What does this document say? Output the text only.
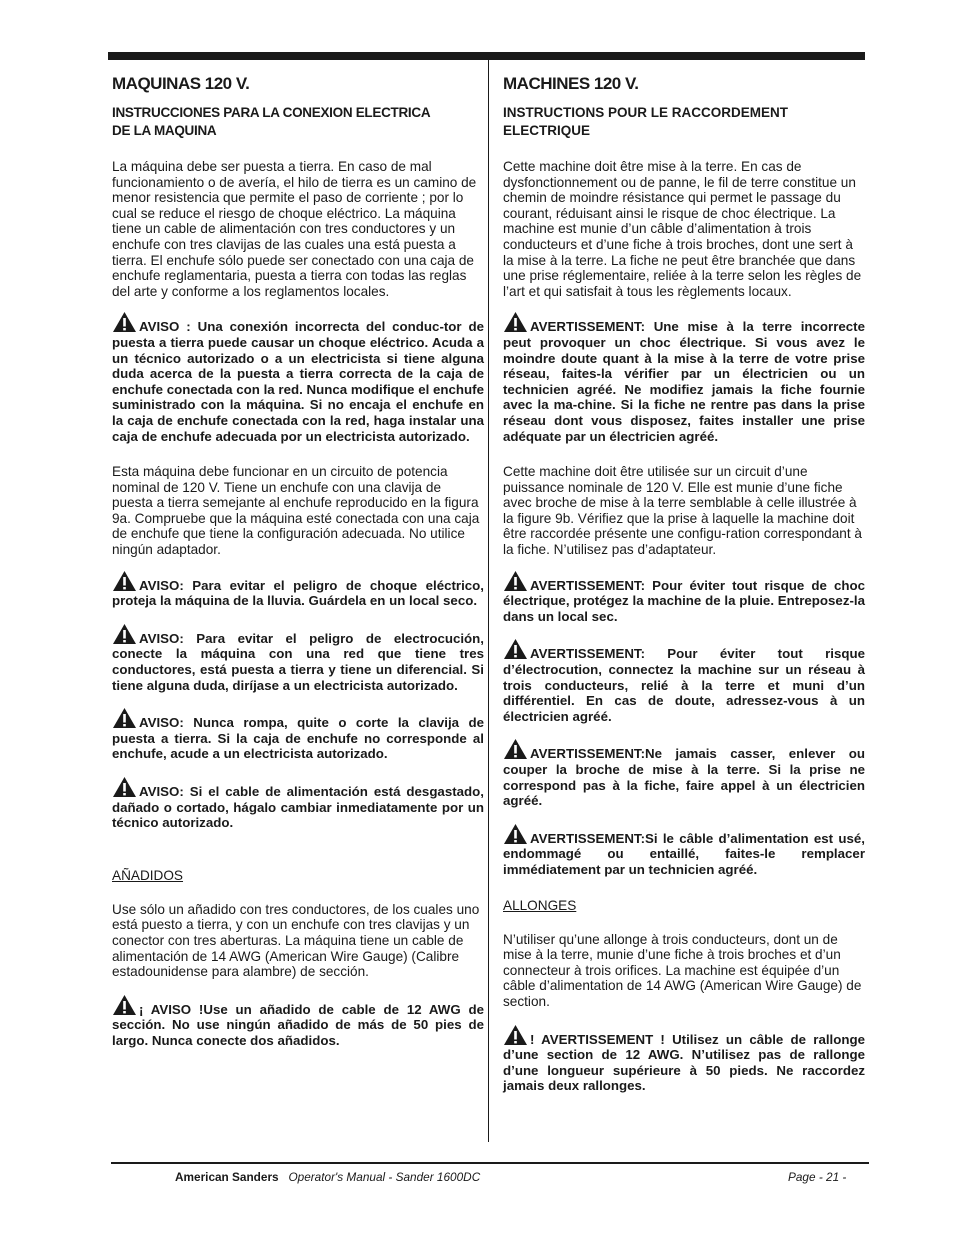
MAQUINAS 120 V.
INSTRUCCIONES PARA LA CONEXION ELECTRICA
DE LA MAQUINA

La máquina debe ser puesta a tierra. En caso de mal funcionamiento o de avería, el hilo de tierra es un camino de menor resistencia que permite el paso de corriente ; por lo cual se reduce el riesgo de choque eléctrico. La máquina tiene un cable de alimentación con tres conductores y un enchufe con tres clavijas de las cuales una está puesta a tierra. El enchufe sólo puede ser conectado con una caja de enchufe reglamentaria, puesta a tierra con todas las reglas del arte y conforme a los reglamentos locales.

AVISO : Una conexión incorrecta del conduc-tor de puesta a tierra puede causar un choque eléctrico. Acuda a un técnico autorizado o a un electricista si tiene alguna duda acerca de la puesta a tierra correcta de la caja de enchufe conectada con la red. Nunca modifique el enchufe suministrado con la máquina. Si no encaja el enchufe en la caja de enchufe conectada con la red, haga instalar una caja de enchufe adecuada por un electricista autorizado.

Esta máquina debe funcionar en un circuito de potencia nominal de 120 V. Tiene un enchufe con una clavija de puesta a tierra semejante al enchufe reproducido en la figura 9a. Compruebe que la máquina esté conectada con una caja de enchufe que tiene la configuración adecuada. No utilice ningún adaptador.

AVISO: Para evitar el peligro de choque eléctrico, proteja la máquina de la lluvia. Guárdela en un local seco.

AVISO: Para evitar el peligro de electrocución, conecte la máquina con una red que tiene tres conductores, está puesta a tierra y tiene un diferencial. Si tiene alguna duda, diríjase a un electricista autorizado.

AVISO: Nunca rompa, quite o corte la clavija de puesta a tierra. Si la caja de enchufe no corresponde al enchufe, acude a un electricista autorizado.

AVISO: Si el cable de alimentación está desgastado, dañado o cortado, hágalo cambiar inmediatamente por un técnico autorizado.

AÑADIDOS

Use sólo un añadido con tres conductores, de los cuales uno está puesto a tierra, y con un enchufe con tres clavijas y un conector con tres aberturas. La máquina tiene un cable de alimentación de 14 AWG (American Wire Gauge) (Calibre estadounidense para alambre) de sección.

¡ AVISO !Use un añadido de cable de 12 AWG de sección. No use ningún añadido de más de 50 pies de largo. Nunca conecte dos añadidos.

MACHINES 120 V.
INSTRUCTIONS POUR LE RACCORDEMENT
ELECTRIQUE

Cette machine doit être mise à la terre. En cas de dysfonctionnement ou de panne, le fil de terre constitue un chemin de moindre résistance qui permet le passage du courant, réduisant ainsi le risque de choc électrique. La machine est munie d’un câble d’alimentation à trois conducteurs et d’une fiche à trois broches, dont une sert à la mise à la terre. La fiche ne peut être branchée que dans une prise réglementaire, reliée à la terre selon les règles de l’art et qui satisfait à tous les règlements locaux.

AVERTISSEMENT: Une mise à la terre incorrecte peut provoquer un choc électrique. Si vous avez le moindre doute quant à la mise à la terre de votre prise réseau, faites-la vérifier par un électricien ou un technicien agréé. Ne modifiez jamais la fiche fournie avec la ma-chine. Si la fiche ne rentre pas dans la prise réseau dont vous disposez, faites installer une prise adéquate par un électricien agréé.

Cette machine doit être utilisée sur un circuit d’une puissance nominale de 120 V. Elle est munie d’une fiche avec broche de mise à la terre semblable à celle illustrée à la figure 9b. Vérifiez que la prise à laquelle la machine doit être raccordée présente une configu-ration correspondant à la fiche. N’utilisez pas d’adaptateur.

AVERTISSEMENT: Pour éviter tout risque de choc électrique, protégez la machine de la pluie. Entreposez-la dans un local sec.

AVERTISSEMENT: Pour éviter tout risque d’électrocution, connectez la machine sur un réseau à trois conducteurs, relié à la terre et muni d’un différentiel. En cas de doute, adressez-vous à un électricien agréé.

AVERTISSEMENT:Ne jamais casser, enlever ou couper la broche de mise à la terre. Si la prise ne correspond pas à la fiche, faire appel à un électricien agréé.

AVERTISSEMENT:Si le câble d’alimentation est usé, endommagé ou entaillé, faites-le remplacer immédiatement par un technicien agréé.

ALLONGES

N’utiliser qu’une allonge à trois conducteurs, dont un de mise à la terre, munie d’une fiche à trois broches et d’un connecteur à trois orifices. La machine est équipée d’un câble d’alimentation de 14 AWG (American Wire Gauge) de section.

! AVERTISSEMENT ! Utilisez un câble de rallonge d’une section de 12 AWG. N’utilisez pas de rallonge d’une longueur supérieure à 50 pieds. Ne raccordez jamais deux rallonges.

American Sanders Operator's Manual - Sander 1600DC	Page - 21 -
